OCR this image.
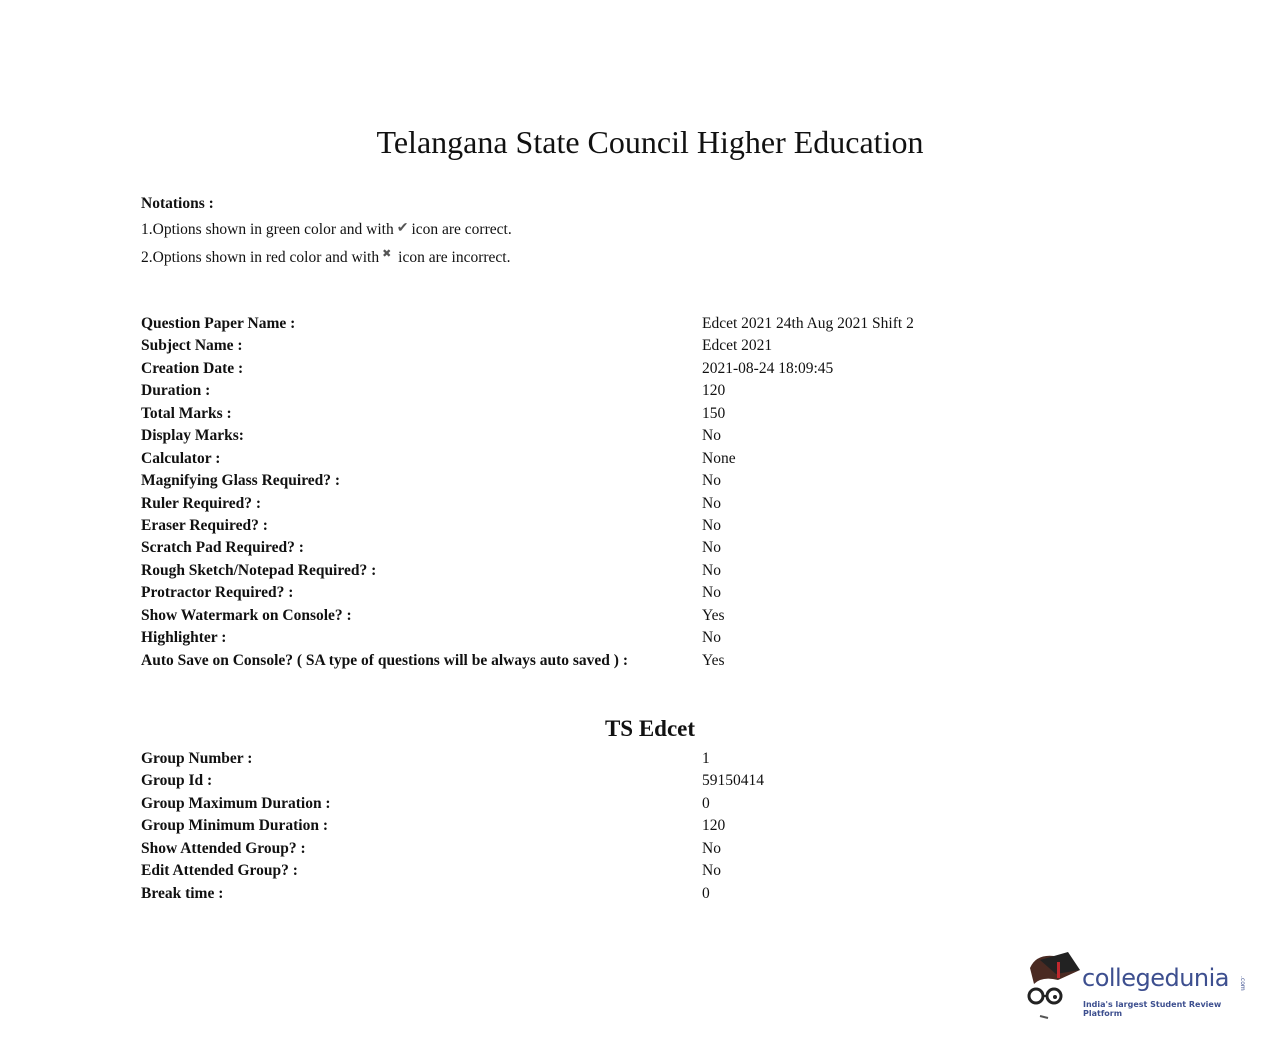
Telangana State Council Higher Education
Notations :
1.Options shown in green color and with ✔ icon are correct.
2.Options shown in red color and with ✖ icon are incorrect.
Question Paper Name :	Edcet 2021 24th Aug 2021 Shift 2
Subject Name :	Edcet 2021
Creation Date :	2021-08-24 18:09:45
Duration :	120
Total Marks :	150
Display Marks:	No
Calculator :	None
Magnifying Glass Required? :	No
Ruler Required? :	No
Eraser Required? :	No
Scratch Pad Required? :	No
Rough Sketch/Notepad Required? :	No
Protractor Required? :	No
Show Watermark on Console? :	Yes
Highlighter :	No
Auto Save on Console? ( SA type of questions will be always auto saved ) :	Yes
TS Edcet
Group Number :	1
Group Id :	59150414
Group Maximum Duration :	0
Group Minimum Duration :	120
Show Attended Group? :	No
Edit Attended Group? :	No
Break time :	0
collegedunia .com
India's largest Student Review Platform
